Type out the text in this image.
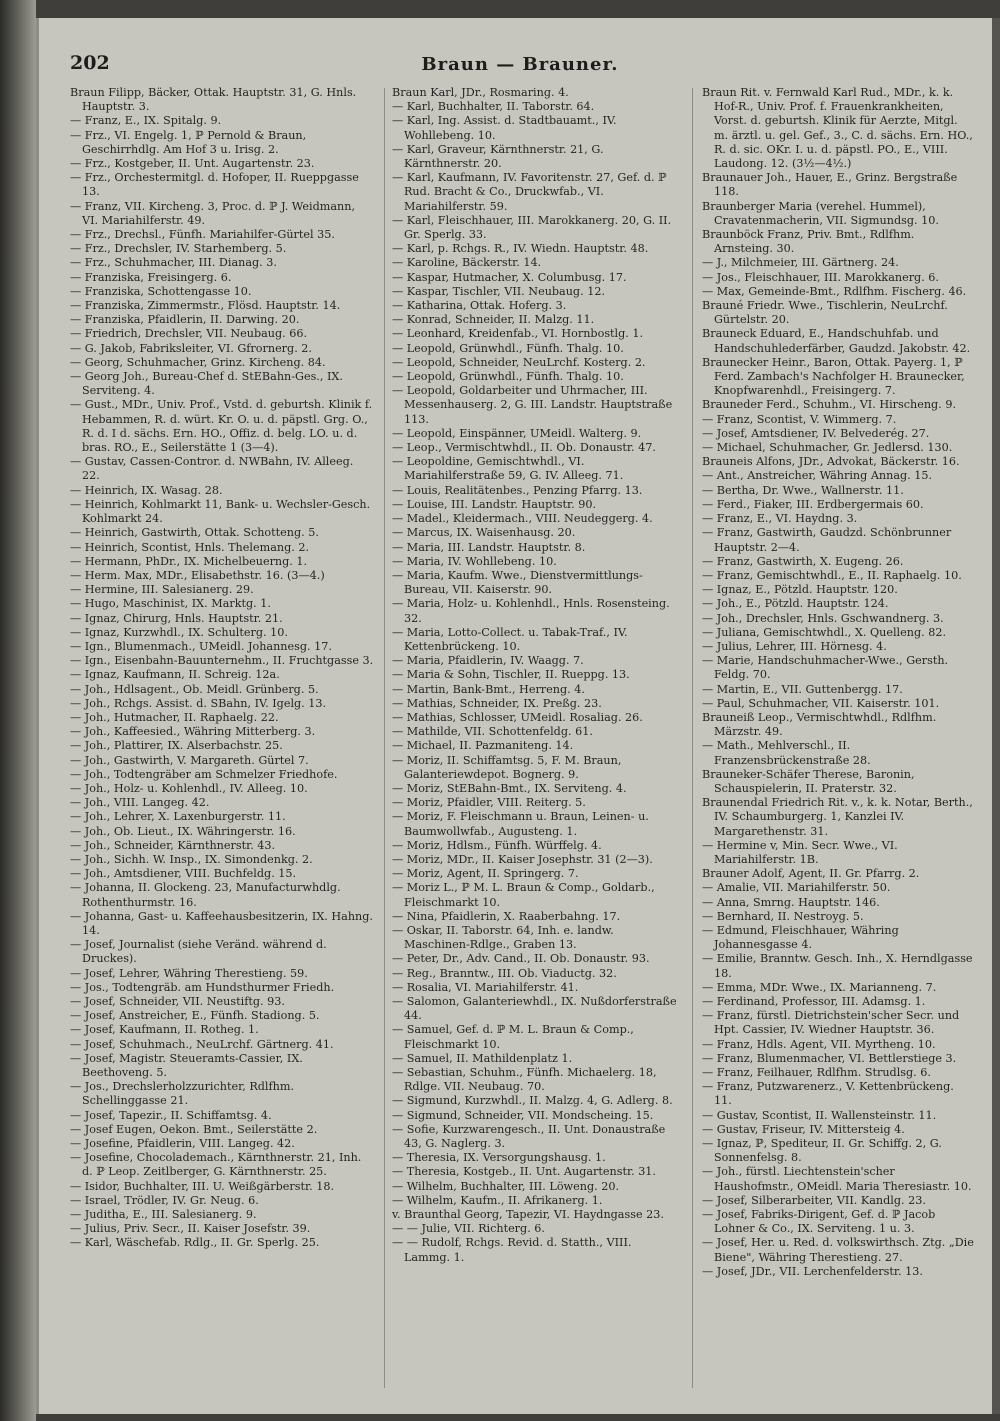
202	Braun — Brauner.
Braun Filipp, Bäcker, Ottak. Hauptstr. 31, G. Hnls. Hauptstr. 3.
— Franz, E., IX. Spitalg. 9.
— Frz., VI. Engelg. 1, ℙ Pernold & Braun, Geschirrhdlg. Am Hof 3 u. Irisg. 2.
— Frz., Kostgeber, II. Unt. Augartenstr. 23.
— Frz., Orchestermitgl. d. Hofoper, II. Rueppgasse 13.
— Franz, VII. Kircheng. 3, Proc. d. ℙ J. Weidmann, VI. Mariahilferstr. 49.
— Frz., Drechsl., Fünfh. Mariahilfer-Gürtel 35.
— Frz., Drechsler, IV. Starhemberg. 5.
— Frz., Schuhmacher, III. Dianag. 3.
— Franziska, Freisingerg. 6.
— Franziska, Schottengasse 10.
— Franziska, Zimmermstr., Flösd. Hauptstr. 14.
— Franziska, Pfaidlerin, II. Darwing. 20.
— Friedrich, Drechsler, VII. Neubaug. 66.
— G. Jakob, Fabriksleiter, VI. Gfrornerg. 2.
— Georg, Schuhmacher, Grinz. Kircheng. 84.
— Georg Joh., Bureau-Chef d. StEBahn-Ges., IX. Serviteng. 4.
— Gust., MDr., Univ. Prof., Vstd. d. geburtsh. Klinik f. Hebammen, R. d. würt. Kr. O. u. d. päpstl. Grg. O., R. d. I d. sächs. Ern. HO., Offiz. d. belg. LO. u. d. bras. RO., E., Seilerstätte 1 (3—4).
— Gustav, Cassen-Contror. d. NWBahn, IV. Alleeg. 22.
— Heinrich, IX. Wasag. 28.
— Heinrich, Kohlmarkt 11, Bank- u. Wechsler-Gesch. Kohlmarkt 24.
— Heinrich, Gastwirth, Ottak. Schotteng. 5.
— Heinrich, Scontist, Hnls. Thelemang. 2.
— Hermann, PhDr., IX. Michelbeuerng. 1.
— Herm. Max, MDr., Elisabethstr. 16. (3—4.)
— Hermine, III. Salesianerg. 29.
— Hugo, Maschinist, IX. Marktg. 1.
— Ignaz, Chirurg, Hnls. Hauptstr. 21.
— Ignaz, Kurzwhdl., IX. Schulterg. 10.
— Ign., Blumenmach., UMeidl. Johannesg. 17.
— Ign., Eisenbahn-Bauunternehm., II. Fruchtgasse 3.
— Ignaz, Kaufmann, II. Schreig. 12a.
— Joh., Hdlsagent., Ob. Meidl. Grünberg. 5.
— Joh., Rchgs. Assist. d. SBahn, IV. Igelg. 13.
— Joh., Hutmacher, II. Raphaelg. 22.
— Joh., Kaffeesied., Währing Mitterberg. 3.
— Joh., Plattirer, IX. Alserbachstr. 25.
— Joh., Gastwirth, V. Margareth. Gürtel 7.
— Joh., Todtengräber am Schmelzer Friedhofe.
— Joh., Holz- u. Kohlenhdl., IV. Alleeg. 10.
— Joh., VIII. Langeg. 42.
— Joh., Lehrer, X. Laxenburgerstr. 11.
— Joh., Ob. Lieut., IX. Währingerstr. 16.
— Joh., Schneider, Kärnthnerstr. 43.
— Joh., Sichh. W. Insp., IX. Simondenkg. 2.
— Joh., Amtsdiener, VIII. Buchfeldg. 15.
— Johanna, II. Glockeng. 23, Manufacturwhdlg. Rothenthurmstr. 16.
— Johanna, Gast- u. Kaffeehausbesitzerin, IX. Hahng. 14.
— Josef, Journalist (siehe Veränd. während d. Druckes).
— Josef, Lehrer, Währing Therestieng. 59.
— Jos., Todtengräb. am Hundsthurmer Friedh.
— Josef, Schneider, VII. Neustiftg. 93.
— Josef, Anstreicher, E., Fünfh. Stadiong. 5.
— Josef, Kaufmann, II. Rotheg. 1.
— Josef, Schuhmach., NeuLrchf. Gärtnerg. 41.
— Josef, Magistr. Steueramts-Cassier, IX. Beethoveng. 5.
— Jos., Drechslerholzzurichter, Rdlfhm. Schellinggasse 21.
— Josef, Tapezir., II. Schiffamtsg. 4.
— Josef Eugen, Oekon. Bmt., Seilerstätte 2.
— Josefine, Pfaidlerin, VIII. Langeg. 42.
— Josefine, Chocolademach., Kärnthnerstr. 21, Inh. d. ℙ Leop. Zeitlberger, G. Kärnthnerstr. 25.
— Isidor, Buchhalter, III. U. Weißgärberstr. 18.
— Israel, Trödler, IV. Gr. Neug. 6.
— Juditha, E., III. Salesianerg. 9.
— Julius, Priv. Secr., II. Kaiser Josefstr. 39.
— Karl, Wäschefab. Rdlg., II. Gr. Sperlg. 25.
Braun Karl, JDr., Rosmaring. 4.
— Karl, Buchhalter, II. Taborstr. 64.
— Karl, Ing. Assist. d. Stadtbauamt., IV. Wohllebeng. 10.
— Karl, Graveur, Kärnthnerstr. 21, G. Kärnthnerstr. 20.
— Karl, Kaufmann, IV. Favoritenstr. 27, Gef. d. ℙ Rud. Bracht & Co., Druckwfab., VI. Mariahilferstr. 59.
— Karl, Fleischhauer, III. Marokkanerg. 20, G. II. Gr. Sperlg. 33.
— Karl, p. Rchgs. R., IV. Wiedn. Hauptstr. 48.
— Karoline, Bäckerstr. 14.
— Kaspar, Hutmacher, X. Columbusg. 17.
— Kaspar, Tischler, VII. Neubaug. 12.
— Katharina, Ottak. Hoferg. 3.
— Konrad, Schneider, II. Malzg. 11.
— Leonhard, Kreidenfab., VI. Hornbostlg. 1.
— Leopold, Grünwhdl., Fünfh. Thalg. 10.
— Leopold, Schneider, NeuLrchf. Kosterg. 2.
— Leopold, Grünwhdl., Fünfh. Thalg. 10.
— Leopold, Goldarbeiter und Uhrmacher, III. Messenhauserg. 2, G. III. Landstr. Hauptstraße 113.
— Leopold, Einspänner, UMeidl. Walterg. 9.
— Leop., Vermischtwhdl., II. Ob. Donaustr. 47.
— Leopoldine, Gemischtwhdl., VI. Mariahilferstraße 59, G. IV. Alleeg. 71.
— Louis, Realitätenbes., Penzing Pfarrg. 13.
— Louise, III. Landstr. Hauptstr. 90.
— Madel., Kleidermach., VIII. Neudeggerg. 4.
— Marcus, IX. Waisenhausg. 20.
— Maria, III. Landstr. Hauptstr. 8.
— Maria, IV. Wohllebeng. 10.
— Maria, Kaufm. Wwe., Dienstvermittlungs-Bureau, VII. Kaiserstr. 90.
— Maria, Holz- u. Kohlenhdl., Hnls. Rosensteing. 32.
— Maria, Lotto-Collect. u. Tabak-Traf., IV. Kettenbrückeng. 10.
— Maria, Pfaidlerin, IV. Waagg. 7.
— Maria & Sohn, Tischler, II. Rueppg. 13.
— Martin, Bank-Bmt., Herreng. 4.
— Mathias, Schneider, IX. Preßg. 23.
— Mathias, Schlosser, UMeidl. Rosaliag. 26.
— Mathilde, VII. Schottenfeldg. 61.
— Michael, II. Pazmaniteng. 14.
— Moriz, II. Schiffamtsg. 5, F. M. Braun, Galanteriewdepot. Bognerg. 9.
— Moriz, StEBahn-Bmt., IX. Serviteng. 4.
— Moriz, Pfaidler, VIII. Reiterg. 5.
— Moriz, F. Fleischmann u. Braun, Leinen- u. Baumwollwfab., Augusteng. 1.
— Moriz, Hdlsm., Fünfh. Würffelg. 4.
— Moriz, MDr., II. Kaiser Josephstr. 31 (2—3).
— Moriz, Agent, II. Springerg. 7.
— Moriz L., ℙ M. L. Braun & Comp., Goldarb., Fleischmarkt 10.
— Nina, Pfaidlerin, X. Raaberbahng. 17.
— Oskar, II. Taborstr. 64, Inh. e. landw. Maschinen-Rdlge., Graben 13.
— Peter, Dr., Adv. Cand., II. Ob. Donaustr. 93.
— Reg., Branntw., III. Ob. Viaductg. 32.
— Rosalia, VI. Mariahilferstr. 41.
— Salomon, Galanteriewhdl., IX. Nußdorferstraße 44.
— Samuel, Gef. d. ℙ M. L. Braun & Comp., Fleischmarkt 10.
— Samuel, II. Mathildenplatz 1.
— Sebastian, Schuhm., Fünfh. Michaelerg. 18, Rdlge. VII. Neubaug. 70.
— Sigmund, Kurzwhdl., II. Malzg. 4, G. Adlerg. 8.
— Sigmund, Schneider, VII. Mondscheing. 15.
— Sofie, Kurzwarengesch., II. Unt. Donaustraße 43, G. Naglerg. 3.
— Theresia, IX. Versorgungshausg. 1.
— Theresia, Kostgeb., II. Unt. Augartenstr. 31.
— Wilhelm, Buchhalter, III. Löweng. 20.
— Wilhelm, Kaufm., II. Afrikanerg. 1.
v. Braunthal Georg, Tapezir, VI. Haydngasse 23.
— — Julie, VII. Richterg. 6.
— — Rudolf, Rchgs. Revid. d. Statth., VIII. Lammg. 1.
Braun Rit. v. Fernwald Karl Rud., MDr., k. k. Hof-R., Univ. Prof. f. Frauenkrankheiten, Vorst. d. geburtsh. Klinik für Aerzte, Mitgl. m. ärztl. u. gel. Gef., 3., C. d. sächs. Ern. HO., R. d. sic. OKr. I. u. d. päpstl. PO., E., VIII. Laudong. 12. (3½—4½.)
Braunauer Joh., Hauer, E., Grinz. Bergstraße 118.
Braunberger Maria (verehel. Hummel), Cravatenmacherin, VII. Sigmundsg. 10.
Braunböck Franz, Priv. Bmt., Rdlfhm. Arnsteing. 30.
— J., Milchmeier, III. Gärtnerg. 24.
— Jos., Fleischhauer, III. Marokkanerg. 6.
— Max, Gemeinde-Bmt., Rdlfhm. Fischerg. 46.
Brauné Friedr. Wwe., Tischlerin, NeuLrchf. Gürtelstr. 20.
Brauneck Eduard, E., Handschuhfab. und Handschuhlederfärber, Gaudzd. Jakobstr. 42.
Braunecker Heinr., Baron, Ottak. Payerg. 1, ℙ Ferd. Zambach's Nachfolger H. Braunecker, Knopfwarenhdl., Freisingerg. 7.
Brauneder Ferd., Schuhm., VI. Hirscheng. 9.
— Franz, Scontist, V. Wimmerg. 7.
— Josef, Amtsdiener, IV. Belvederég. 27.
— Michael, Schuhmacher, Gr. Jedlersd. 130.
Brauneis Alfons, JDr., Advokat, Bäckerstr. 16.
— Ant., Anstreicher, Währing Annag. 15.
— Bertha, Dr. Wwe., Wallnerstr. 11.
— Ferd., Fiaker, III. Erdbergermais 60.
— Franz, E., VI. Haydng. 3.
— Franz, Gastwirth, Gaudzd. Schönbrunner Hauptstr. 2—4.
— Franz, Gastwirth, X. Eugeng. 26.
— Franz, Gemischtwhdl., E., II. Raphaelg. 10.
— Ignaz, E., Pötzld. Hauptstr. 120.
— Joh., E., Pötzld. Hauptstr. 124.
— Joh., Drechsler, Hnls. Gschwandnerg. 3.
— Juliana, Gemischtwhdl., X. Quelleng. 82.
— Julius, Lehrer, III. Hörnesg. 4.
— Marie, Handschuhmacher-Wwe., Gersth. Feldg. 70.
— Martin, E., VII. Guttenbergg. 17.
— Paul, Schuhmacher, VII. Kaiserstr. 101.
Brauneiß Leop., Vermischtwhdl., Rdlfhm. Märzstr. 49.
— Math., Mehlverschl., II. Franzensbrückenstraße 28.
Brauneker-Schäfer Therese, Baronin, Schauspielerin, II. Praterstr. 32.
Braunendal Friedrich Rit. v., k. k. Notar, Berth., IV. Schaumburgerg. 1, Kanzlei IV. Margarethenstr. 31.
— Hermine v, Min. Secr. Wwe., VI. Mariahilferstr. 1B.
Brauner Adolf, Agent, II. Gr. Pfarrg. 2.
— Amalie, VII. Mariahilferstr. 50.
— Anna, Smrng. Hauptstr. 146.
— Bernhard, II. Nestroyg. 5.
— Edmund, Fleischhauer, Währing Johannesgasse 4.
— Emilie, Branntw. Gesch. Inh., X. Herndlgasse 18.
— Emma, MDr. Wwe., IX. Marianneng. 7.
— Ferdinand, Professor, III. Adamsg. 1.
— Franz, fürstl. Dietrichstein'scher Secr. und Hpt. Cassier, IV. Wiedner Hauptstr. 36.
— Franz, Hdls. Agent, VII. Myrtheng. 10.
— Franz, Blumenmacher, VI. Bettlerstiege 3.
— Franz, Feilhauer, Rdlfhm. Strudlsg. 6.
— Franz, Putzwarenerz., V. Kettenbrückeng. 11.
— Gustav, Scontist, II. Wallensteinstr. 11.
— Gustav, Friseur, IV. Mittersteig 4.
— Ignaz, ℙ, Spediteur, II. Gr. Schiffg. 2, G. Sonnenfelsg. 8.
— Joh., fürstl. Liechtenstein'scher Haushofmstr., OMeidl. Maria Theresiastr. 10.
— Josef, Silberarbeiter, VII. Kandlg. 23.
— Josef, Fabriks-Dirigent, Gef. d. ℙ Jacob Lohner & Co., IX. Serviteng. 1 u. 3.
— Josef, Her. u. Red. d. volkswirthsch. Ztg. „Die Biene", Währing Therestieng. 27.
— Josef, JDr., VII. Lerchenfelderstr. 13.
